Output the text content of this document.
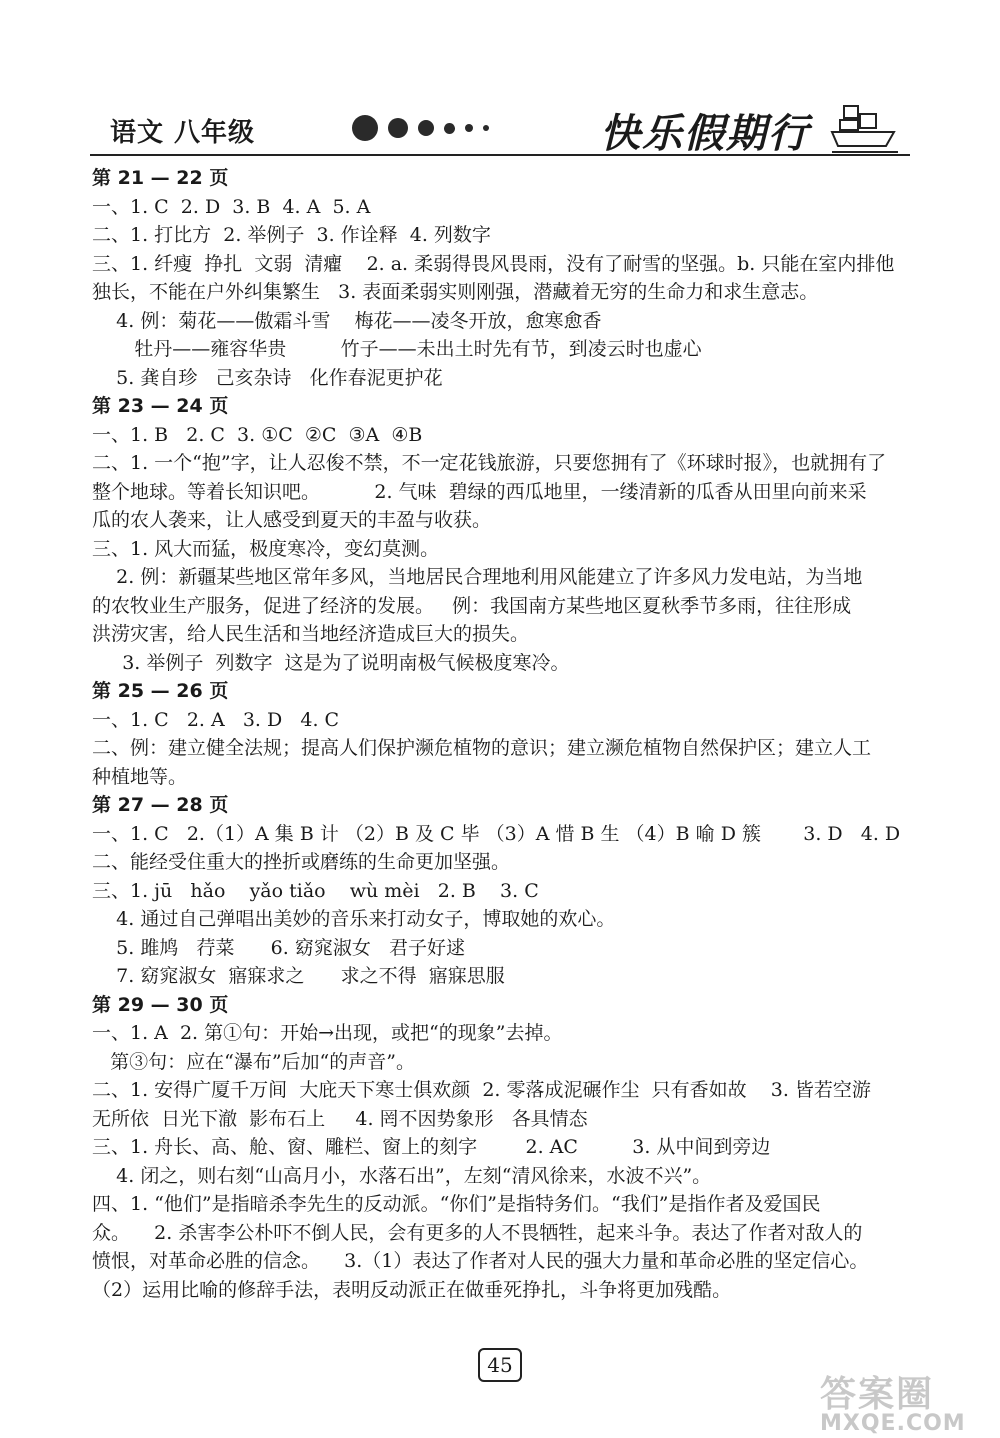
语文 八年级	快乐假期行
第 21 — 22 页
一、1. C  2. D  3. B  4. A  5. A
二、1. 打比方  2. 举例子  3. 作诠释  4. 列数字
三、1. 纤瘦  挣扎  文弱  清癯    2. a. 柔弱得畏风畏雨，没有了耐雪的坚强。b. 只能在室内排他
独长，不能在户外纠集繁生   3. 表面柔弱实则刚强，潜藏着无穷的生命力和求生意志。
4. 例：菊花——傲霜斗雪    梅花——凌冬开放，愈寒愈香
牡丹——雍容华贵         竹子——未出土时先有节，到凌云时也虚心
5. 龚自珍   己亥杂诗   化作春泥更护花
第 23 — 24 页
一、1. B   2. C  3. ①C  ②C  ③A  ④B
二、1. 一个“抱”字，让人忍俊不禁，不一定花钱旅游，只要您拥有了《环球时报》，也就拥有了
整个地球。等着长知识吧。         2. 气味  碧绿的西瓜地里，一缕清新的瓜香从田里向前来采
瓜的农人袭来，让人感受到夏天的丰盈与收获。
三、1. 风大而猛，极度寒冷，变幻莫测。
2. 例：新疆某些地区常年多风，当地居民合理地利用风能建立了许多风力发电站，为当地
的农牧业生产服务，促进了经济的发展。   例：我国南方某些地区夏秋季节多雨，往往形成
洪涝灾害，给人民生活和当地经济造成巨大的损失。
3. 举例子  列数字  这是为了说明南极气候极度寒冷。
第 25 — 26 页
一、1. C   2. A   3. D   4. C
二、例：建立健全法规；提高人们保护濒危植物的意识；建立濒危植物自然保护区；建立人工
种植地等。
第 27 — 28 页
一、1. C   2.（1）A 集 B 计 （2）B 及 C 毕 （3）A 惜 B 生 （4）B 喻 D 簇       3. D   4. D
二、能经受住重大的挫折或磨练的生命更加坚强。
三、1. jū   hǎo    yǎo tiǎo    wù mèi   2. B    3. C
4. 通过自己弹唱出美妙的音乐来打动女子，博取她的欢心。
5. 雎鸠   荇菜      6. 窈窕淑女   君子好逑
7. 窈窕淑女  寤寐求之      求之不得  寤寐思服
第 29 — 30 页
一、1. A  2. 第①句：开始→出现，或把“的现象”去掉。
第③句：应在“瀑布”后加“的声音”。
二、1. 安得广厦千万间  大庇天下寒士俱欢颜  2. 零落成泥碾作尘  只有香如故    3. 皆若空游
无所依  日光下澈  影布石上     4. 罔不因势象形   各具情态
三、1. 舟长、高、舱、窗、雕栏、窗上的刻字        2. AC         3. 从中间到旁边
4. 闭之，则右刻“山高月小，水落石出”，左刻“清风徐来，水波不兴”。
四、1. “他们”是指暗杀李先生的反动派。“你们”是指特务们。“我们”是指作者及爱国民
众。    2. 杀害李公朴吓不倒人民，会有更多的人不畏牺牲，起来斗争。表达了作者对敌人的
愤恨，对革命必胜的信念。    3.（1）表达了作者对人民的强大力量和革命必胜的坚定信心。
（2）运用比喻的修辞手法，表明反动派正在做垂死挣扎，斗争将更加残酷。
45
答案圈
MXQE.COM
